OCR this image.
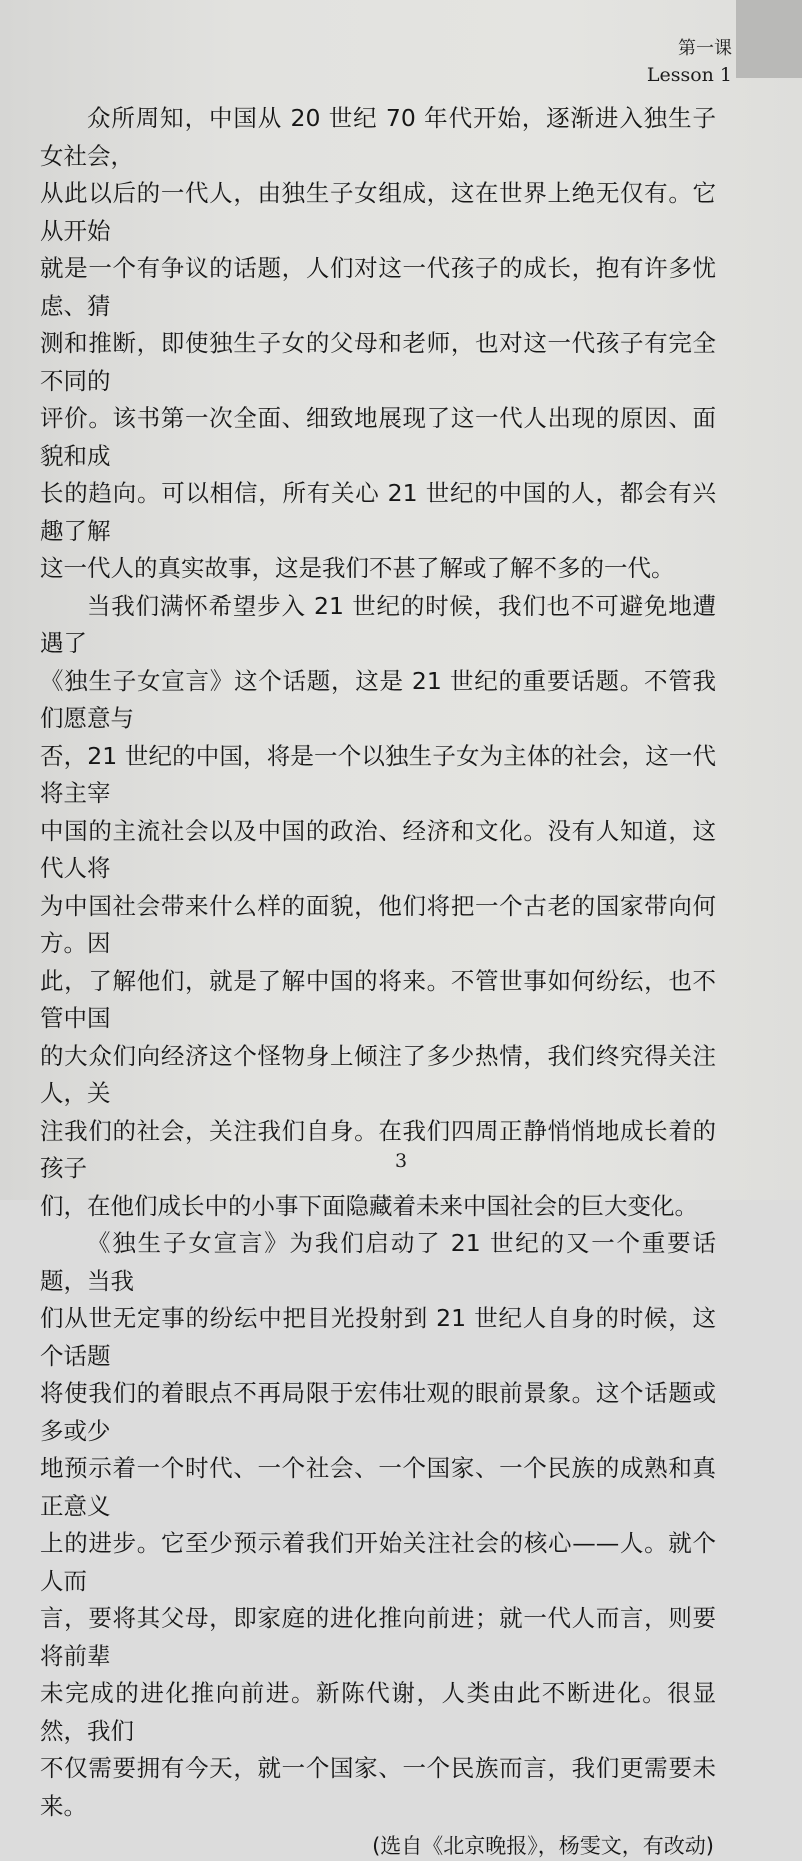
第一课
Lesson 1

众所周知，中国从 20 世纪 70 年代开始，逐渐进入独生子女社会，
从此以后的一代人，由独生子女组成，这在世界上绝无仅有。它从开始
就是一个有争议的话题，人们对这一代孩子的成长，抱有许多忧虑、猜
测和推断，即使独生子女的父母和老师，也对这一代孩子有完全不同的
评价。该书第一次全面、细致地展现了这一代人出现的原因、面貌和成
长的趋向。可以相信，所有关心 21 世纪的中国的人，都会有兴趣了解
这一代人的真实故事，这是我们不甚了解或了解不多的一代。

当我们满怀希望步入 21 世纪的时候，我们也不可避免地遭遇了
《独生子女宣言》这个话题，这是 21 世纪的重要话题。不管我们愿意与
否，21 世纪的中国，将是一个以独生子女为主体的社会，这一代将主宰
中国的主流社会以及中国的政治、经济和文化。没有人知道，这代人将
为中国社会带来什么样的面貌，他们将把一个古老的国家带向何方。因
此，了解他们，就是了解中国的将来。不管世事如何纷纭，也不管中国
的大众们向经济这个怪物身上倾注了多少热情，我们终究得关注人，关
注我们的社会，关注我们自身。在我们四周正静悄悄地成长着的孩子
们，在他们成长中的小事下面隐藏着未来中国社会的巨大变化。

《独生子女宣言》为我们启动了 21 世纪的又一个重要话题，当我
们从世无定事的纷纭中把目光投射到 21 世纪人自身的时候，这个话题
将使我们的着眼点不再局限于宏伟壮观的眼前景象。这个话题或多或少
地预示着一个时代、一个社会、一个国家、一个民族的成熟和真正意义
上的进步。它至少预示着我们开始关注社会的核心——人。就个人而
言，要将其父母，即家庭的进化推向前进；就一代人而言，则要将前辈
未完成的进化推向前进。新陈代谢，人类由此不断进化。很显然，我们
不仅需要拥有今天，就一个国家、一个民族而言，我们更需要未来。

(选自《北京晚报》，杨雯文，有改动)

3
